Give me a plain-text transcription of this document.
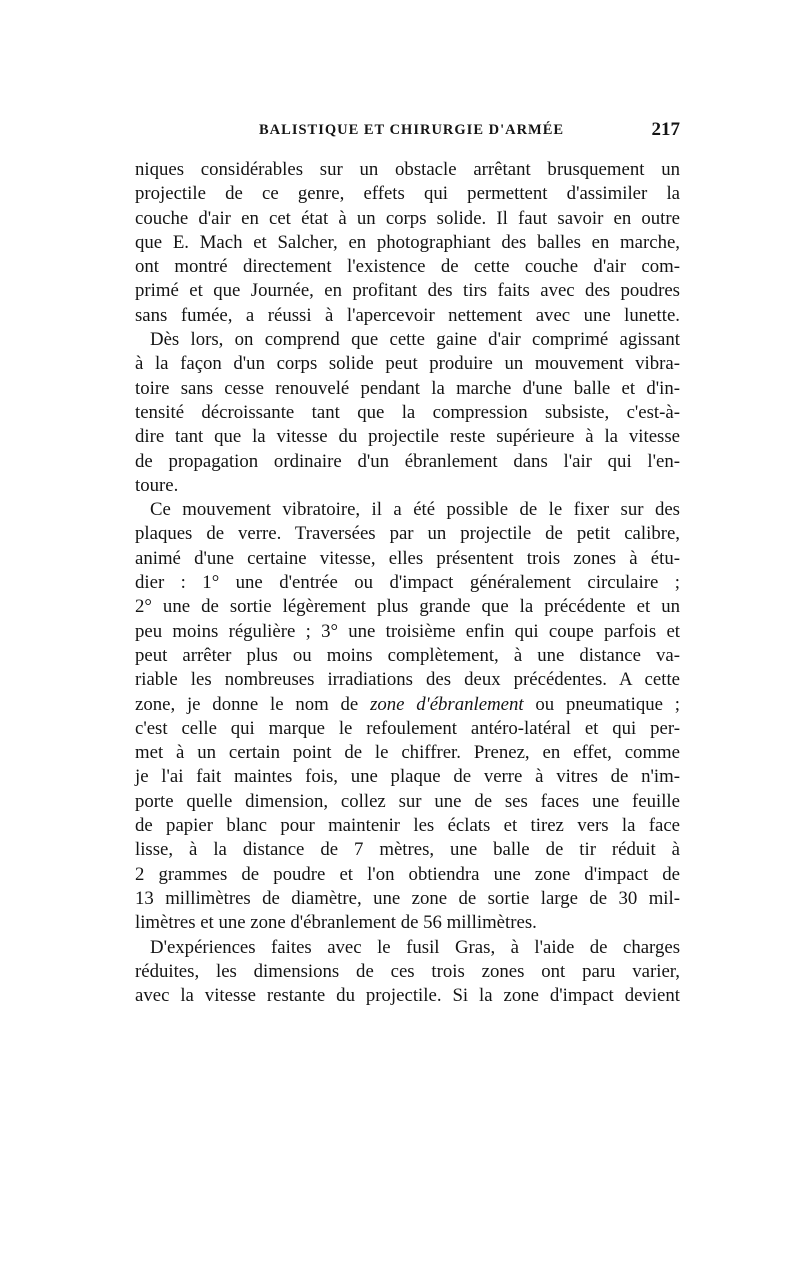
BALISTIQUE ET CHIRURGIE D'ARMÉE	217
niques considérables sur un obstacle arrêtant brusquement un
projectile de ce genre, effets qui permettent d'assimiler la
couche d'air en cet état à un corps solide. Il faut savoir en outre
que E. Mach et Salcher, en photographiant des balles en marche,
ont montré directement l'existence de cette couche d'air com-
primé et que Journée, en profitant des tirs faits avec des poudres
sans fumée, a réussi à l'apercevoir nettement avec une lunette.
Dès lors, on comprend que cette gaine d'air comprimé agissant
à la façon d'un corps solide peut produire un mouvement vibra-
toire sans cesse renouvelé pendant la marche d'une balle et d'in-
tensité décroissante tant que la compression subsiste, c'est-à-
dire tant que la vitesse du projectile reste supérieure à la vitesse
de propagation ordinaire d'un ébranlement dans l'air qui l'en-
toure.
Ce mouvement vibratoire, il a été possible de le fixer sur des
plaques de verre. Traversées par un projectile de petit calibre,
animé d'une certaine vitesse, elles présentent trois zones à étu-
dier : 1° une d'entrée ou d'impact généralement circulaire ;
2° une de sortie légèrement plus grande que la précédente et un
peu moins régulière ; 3° une troisième enfin qui coupe parfois et
peut arrêter plus ou moins complètement, à une distance va-
riable les nombreuses irradiations des deux précédentes. A cette
zone, je donne le nom de zone d'ébranlement ou pneumatique ;
c'est celle qui marque le refoulement antéro-latéral et qui per-
met à un certain point de le chiffrer. Prenez, en effet, comme
je l'ai fait maintes fois, une plaque de verre à vitres de n'im-
porte quelle dimension, collez sur une de ses faces une feuille
de papier blanc pour maintenir les éclats et tirez vers la face
lisse, à la distance de 7 mètres, une balle de tir réduit à
2 grammes de poudre et l'on obtiendra une zone d'impact de
13 millimètres de diamètre, une zone de sortie large de 30 mil-
limètres et une zone d'ébranlement de 56 millimètres.
D'expériences faites avec le fusil Gras, à l'aide de charges
réduites, les dimensions de ces trois zones ont paru varier,
avec la vitesse restante du projectile. Si la zone d'impact devient
